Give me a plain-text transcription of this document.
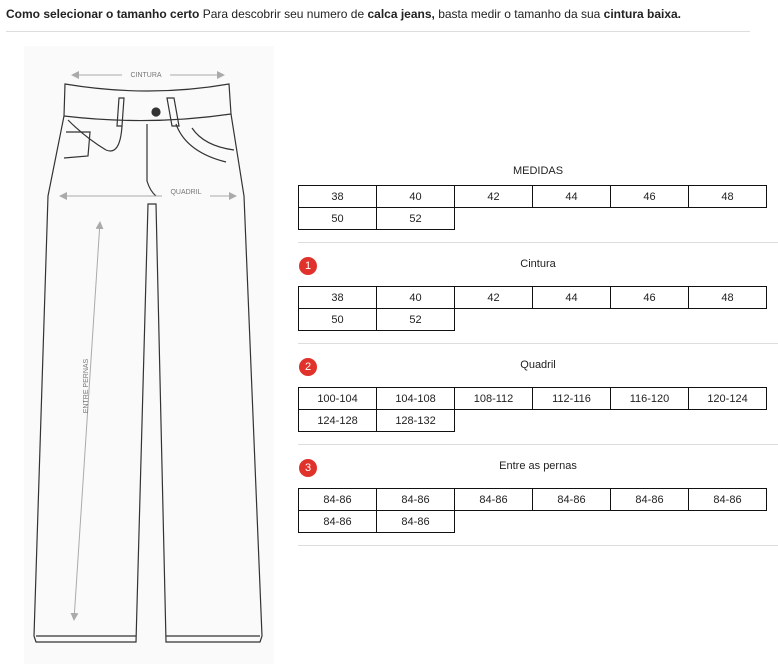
Como selecionar o tamanho certo Para descobrir seu numero de calca jeans, basta medir o tamanho da sua cintura baixa.
CINTURA
QUADRIL
ENTRE PERNAS
MEDIDAS
38	40	42	44	46	48
50	52				
1	Cintura
38	40	42	44	46	48
50	52				
2	Quadril
100-104	104-108	108-112	112-116	116-120	120-124
124-128	128-132				
3	Entre as pernas
84-86	84-86	84-86	84-86	84-86	84-86
84-86	84-86				
